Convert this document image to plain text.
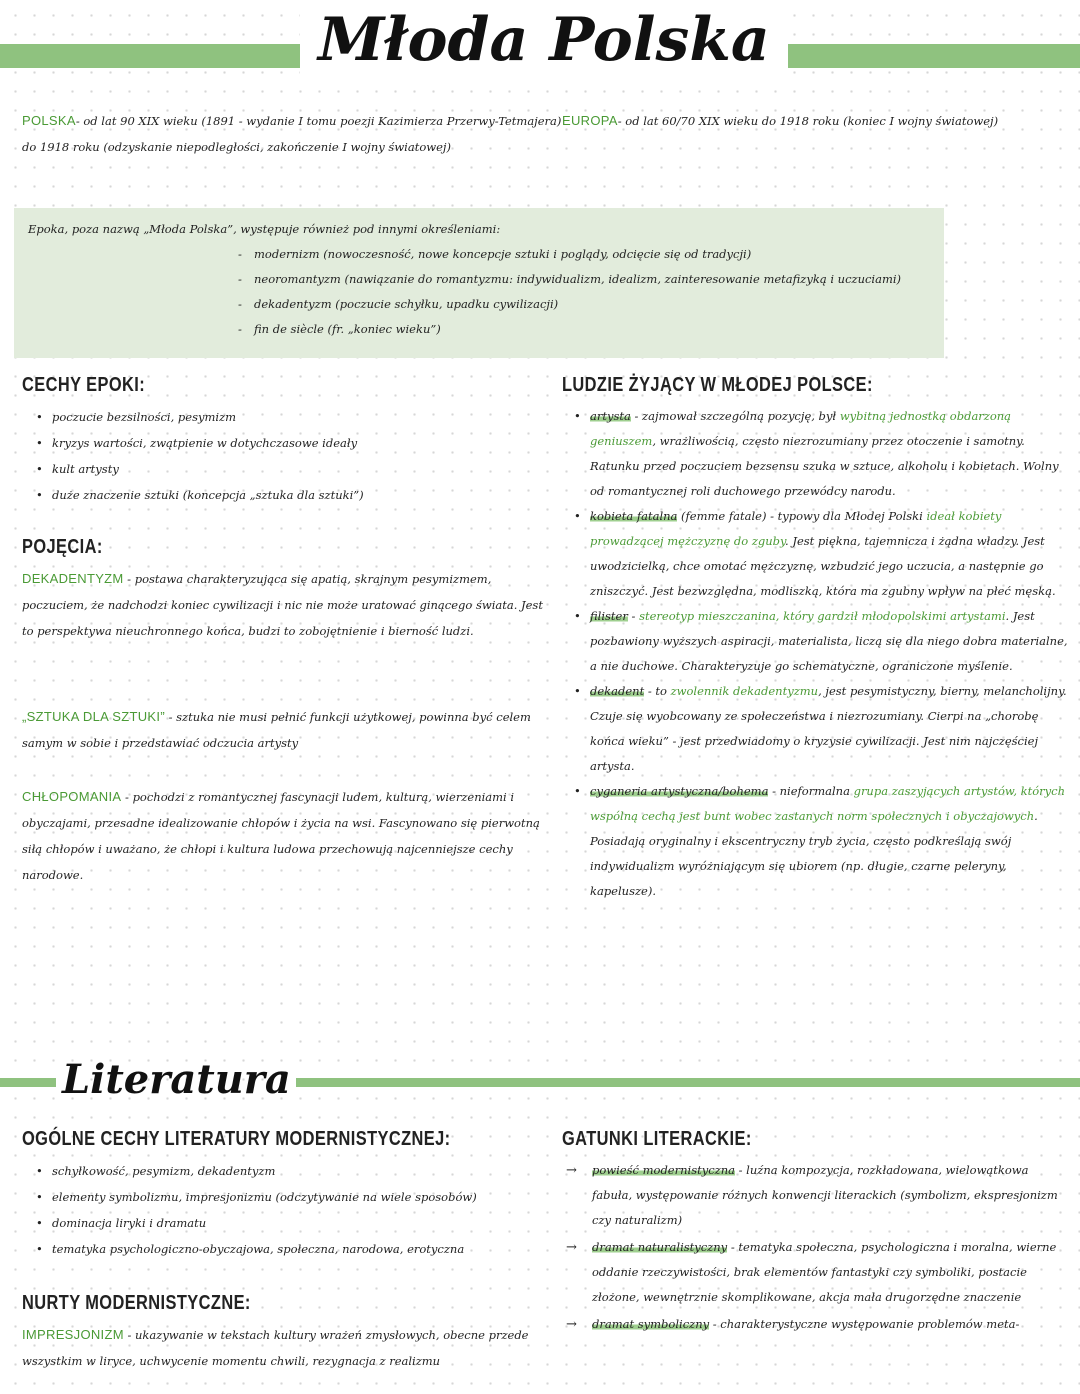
Młoda Polska
POLSKA- od lat 90 XIX wieku (1891 - wydanie I tomu poezji Kazimierza Przerwy-Tetmajera) do 1918 roku (odzyskanie niepodległości, zakończenie I wojny światowej)
EUROPA- od lat 60/70 XIX wieku do 1918 roku (koniec I wojny światowej)
Epoka, poza nazwą „Młoda Polska”, występuje również pod innymi określeniami:
- modernizm (nowoczesność, nowe koncepcje sztuki i poglądy, odcięcie się od tradycji)
- neoromantyzm (nawiązanie do romantyzmu: indywidualizm, idealizm, zainteresowanie metafizyką i uczuciami)
- dekadentyzm (poczucie schyłku, upadku cywilizacji)
- fin de siècle (fr. „koniec wieku”)
CECHY EPOKI:
• poczucie bezsilności, pesymizm
• kryzys wartości, zwątpienie w dotychczasowe ideały
• kult artysty
• duże znaczenie sztuki (koncepcja „sztuka dla sztuki”)
POJĘCIA:

DEKADENTYZM - postawa charakteryzująca się apatią, skrajnym pesymizmem, poczuciem, że nadchodzi koniec cywilizacji i nic nie może uratować ginącego świata. Jest to perspektywa nieuchronnego końca, budzi to zobojętnienie i bierność ludzi.

„SZTUKA DLA SZTUKI” - sztuka nie musi pełnić funkcji użytkowej, powinna być celem samym w sobie i przedstawiać odczucia artysty

CHŁOPOMANIA - pochodzi z romantycznej fascynacji ludem, kulturą, wierzeniami i obyczajami, przesadne idealizowanie chłopów i życia na wsi. Fascynowano się pierwotną siłą chłopów i uważano, że chłopi i kultura ludowa przechowują najcenniejsze cechy narodowe.

LUDZIE ŻYJĄCY W MŁODEJ POLSCE:
• artysta - zajmował szczególną pozycję, był wybitną jednostką obdarzoną geniuszem, wrażliwością, często niezrozumiany przez otoczenie i samotny. Ratunku przed poczuciem bezsensu szuka w sztuce, alkoholu i kobietach. Wolny od romantycznej roli duchowego przewódcy narodu.
• kobieta fatalna (femme fatale) - typowy dla Młodej Polski ideał kobiety prowadzącej mężczyznę do zguby. Jest piękna, tajemnicza i żądna władzy. Jest uwodzicielką, chce omotać mężczyznę, wzbudzić jego uczucia, a następnie go zniszczyć. Jest bezwzględna, modliszką, która ma zgubny wpływ na płeć męską.
• filister - stereotyp mieszczanina, który gardził młodopolskimi artystami. Jest pozbawiony wyższych aspiracji, materialista, liczą się dla niego dobra materialne, a nie duchowe. Charakteryzuje go schematyczne, ograniczone myślenie.
• dekadent - to zwolennik dekadentyzmu, jest pesymistyczny, bierny, melancholijny. Czuje się wyobcowany ze społeczeństwa i niezrozumiany. Cierpi na „chorobę końca wieku” - jest przedwiadomy o kryzysie cywilizacji. Jest nim najczęściej artysta.
• cyganeria artystyczna/bohema - nieformalna grupa zaszyjących artystów, których wspólną cechą jest bunt wobec zastanych norm społecznych i obyczajowych. Posiadają oryginalny i ekscentryczny tryb życia, często podkreślają swój indywidualizm wyróżniającym się ubiorem (np. długie, czarne peleryny, kapelusze).
Literatura
OGÓLNE CECHY LITERATURY MODERNISTYCZNEJ:
• schyłkowość, pesymizm, dekadentyzm
• elementy symbolizmu, impresjonizmu (odczytywanie na wiele sposobów)
• dominacja liryki i dramatu
• tematyka psychologiczno-obyczajowa, społeczna, narodowa, erotyczna
NURTY MODERNISTYCZNE:

IMPRESJONIZM - ukazywanie w tekstach kultury wrażeń zmysłowych, obecne przede wszystkim w liryce, uchwycenie momentu chwili, rezygnacja z realizmu

GATUNKI LITERACKIE:
→ powieść modernistyczna - luźna kompozycja, rozkładowana, wielowątkowa fabuła, występowanie różnych konwencji literackich (symbolizm, ekspresjonizm czy naturalizm)
→ dramat naturalistyczny - tematyka społeczna, psychologiczna i moralna, wierne oddanie rzeczywistości, brak elementów fantastyki czy symboliki, postacie złożone, wewnętrznie skomplikowane, akcja mała drugorzędne znaczenie
→ dramat symboliczny - charakterystyczne występowanie problemów meta-
